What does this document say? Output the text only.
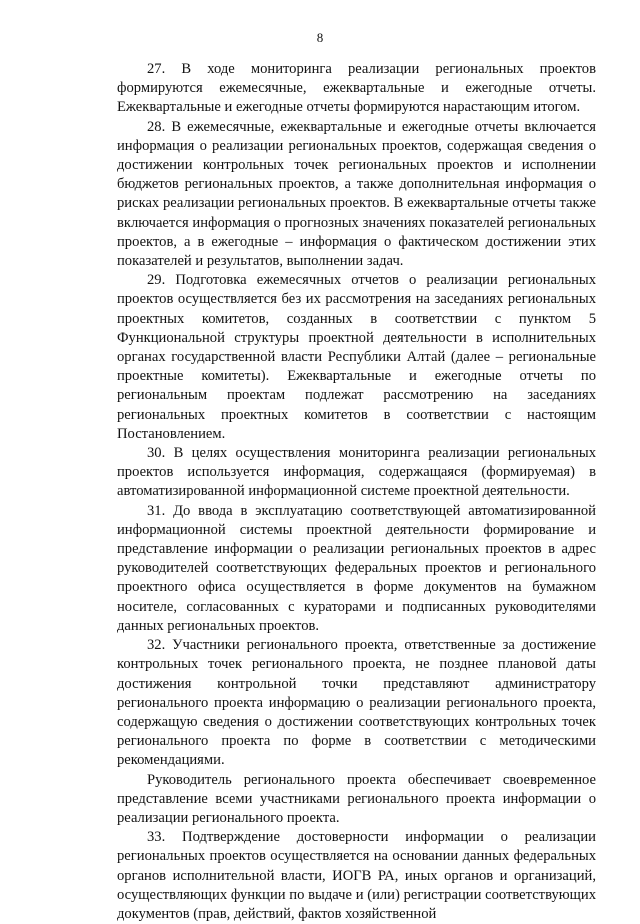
8

27. В ходе мониторинга реализации региональных проектов формируются ежемесячные, ежеквартальные и ежегодные отчеты. Ежеквартальные и ежегодные отчеты формируются нарастающим итогом.

28. В ежемесячные, ежеквартальные и ежегодные отчеты включается информация о реализации региональных проектов, содержащая сведения о достижении контрольных точек региональных проектов и исполнении бюджетов региональных проектов, а также дополнительная информация о рисках реализации региональных проектов. В ежеквартальные отчеты также включается информация о прогнозных значениях показателей региональных проектов, а в ежегодные – информация о фактическом достижении этих показателей и результатов, выполнении задач.

29. Подготовка ежемесячных отчетов о реализации региональных проектов осуществляется без их рассмотрения на заседаниях региональных проектных комитетов, созданных в соответствии с пунктом 5 Функциональной структуры проектной деятельности в исполнительных органах государственной власти Республики Алтай (далее – региональные проектные комитеты). Ежеквартальные и ежегодные отчеты по региональным проектам подлежат рассмотрению на заседаниях региональных проектных комитетов в соответствии с настоящим Постановлением.

30. В целях осуществления мониторинга реализации региональных проектов используется информация, содержащаяся (формируемая) в автоматизированной информационной системе проектной деятельности.

31. До ввода в эксплуатацию соответствующей автоматизированной информационной системы проектной деятельности формирование и представление информации о реализации региональных проектов в адрес руководителей соответствующих федеральных проектов и регионального проектного офиса осуществляется в форме документов на бумажном носителе, согласованных с кураторами и подписанных руководителями данных региональных проектов.

32. Участники регионального проекта, ответственные за достижение контрольных точек регионального проекта, не позднее плановой даты достижения контрольной точки представляют администратору регионального проекта информацию о реализации регионального проекта, содержащую сведения о достижении соответствующих контрольных точек регионального проекта по форме в соответствии с методическими рекомендациями.

Руководитель регионального проекта обеспечивает своевременное представление всеми участниками регионального проекта информации о реализации регионального проекта.

33. Подтверждение достоверности информации о реализации региональных проектов осуществляется на основании данных федеральных органов исполнительной власти, ИОГВ РА, иных органов и организаций, осуществляющих функции по выдаче и (или) регистрации соответствующих документов (прав, действий, фактов хозяйственной
